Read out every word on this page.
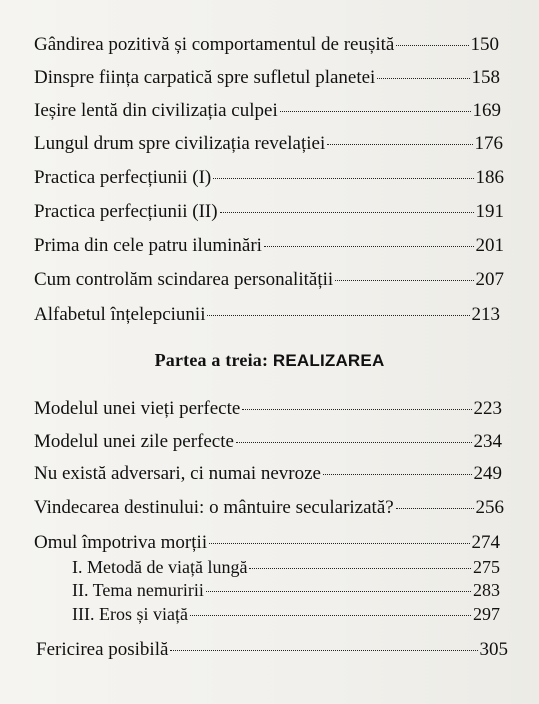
Gândirea pozitivă și comportamentul de reușită	150
Dinspre ființa carpatică spre sufletul planetei	158
Ieșire lentă din civilizația culpei	169
Lungul drum spre civilizația revelației	176
Practica perfecțiunii (I)	186
Practica perfecțiunii (II)	191
Prima din cele patru iluminări	201
Cum controlăm scindarea personalității	207
Alfabetul înțelepciunii	213
Partea a treia: REALIZAREA
Modelul unei vieți perfecte	223
Modelul unei zile perfecte	234
Nu există adversari, ci numai nevroze	249
Vindecarea destinului: o mântuire secularizată?	256
Omul împotriva morții	274
I. Metodă de viață lungă	275
II. Tema nemuririi	283
III. Eros și viață	297
Fericirea posibilă	305
